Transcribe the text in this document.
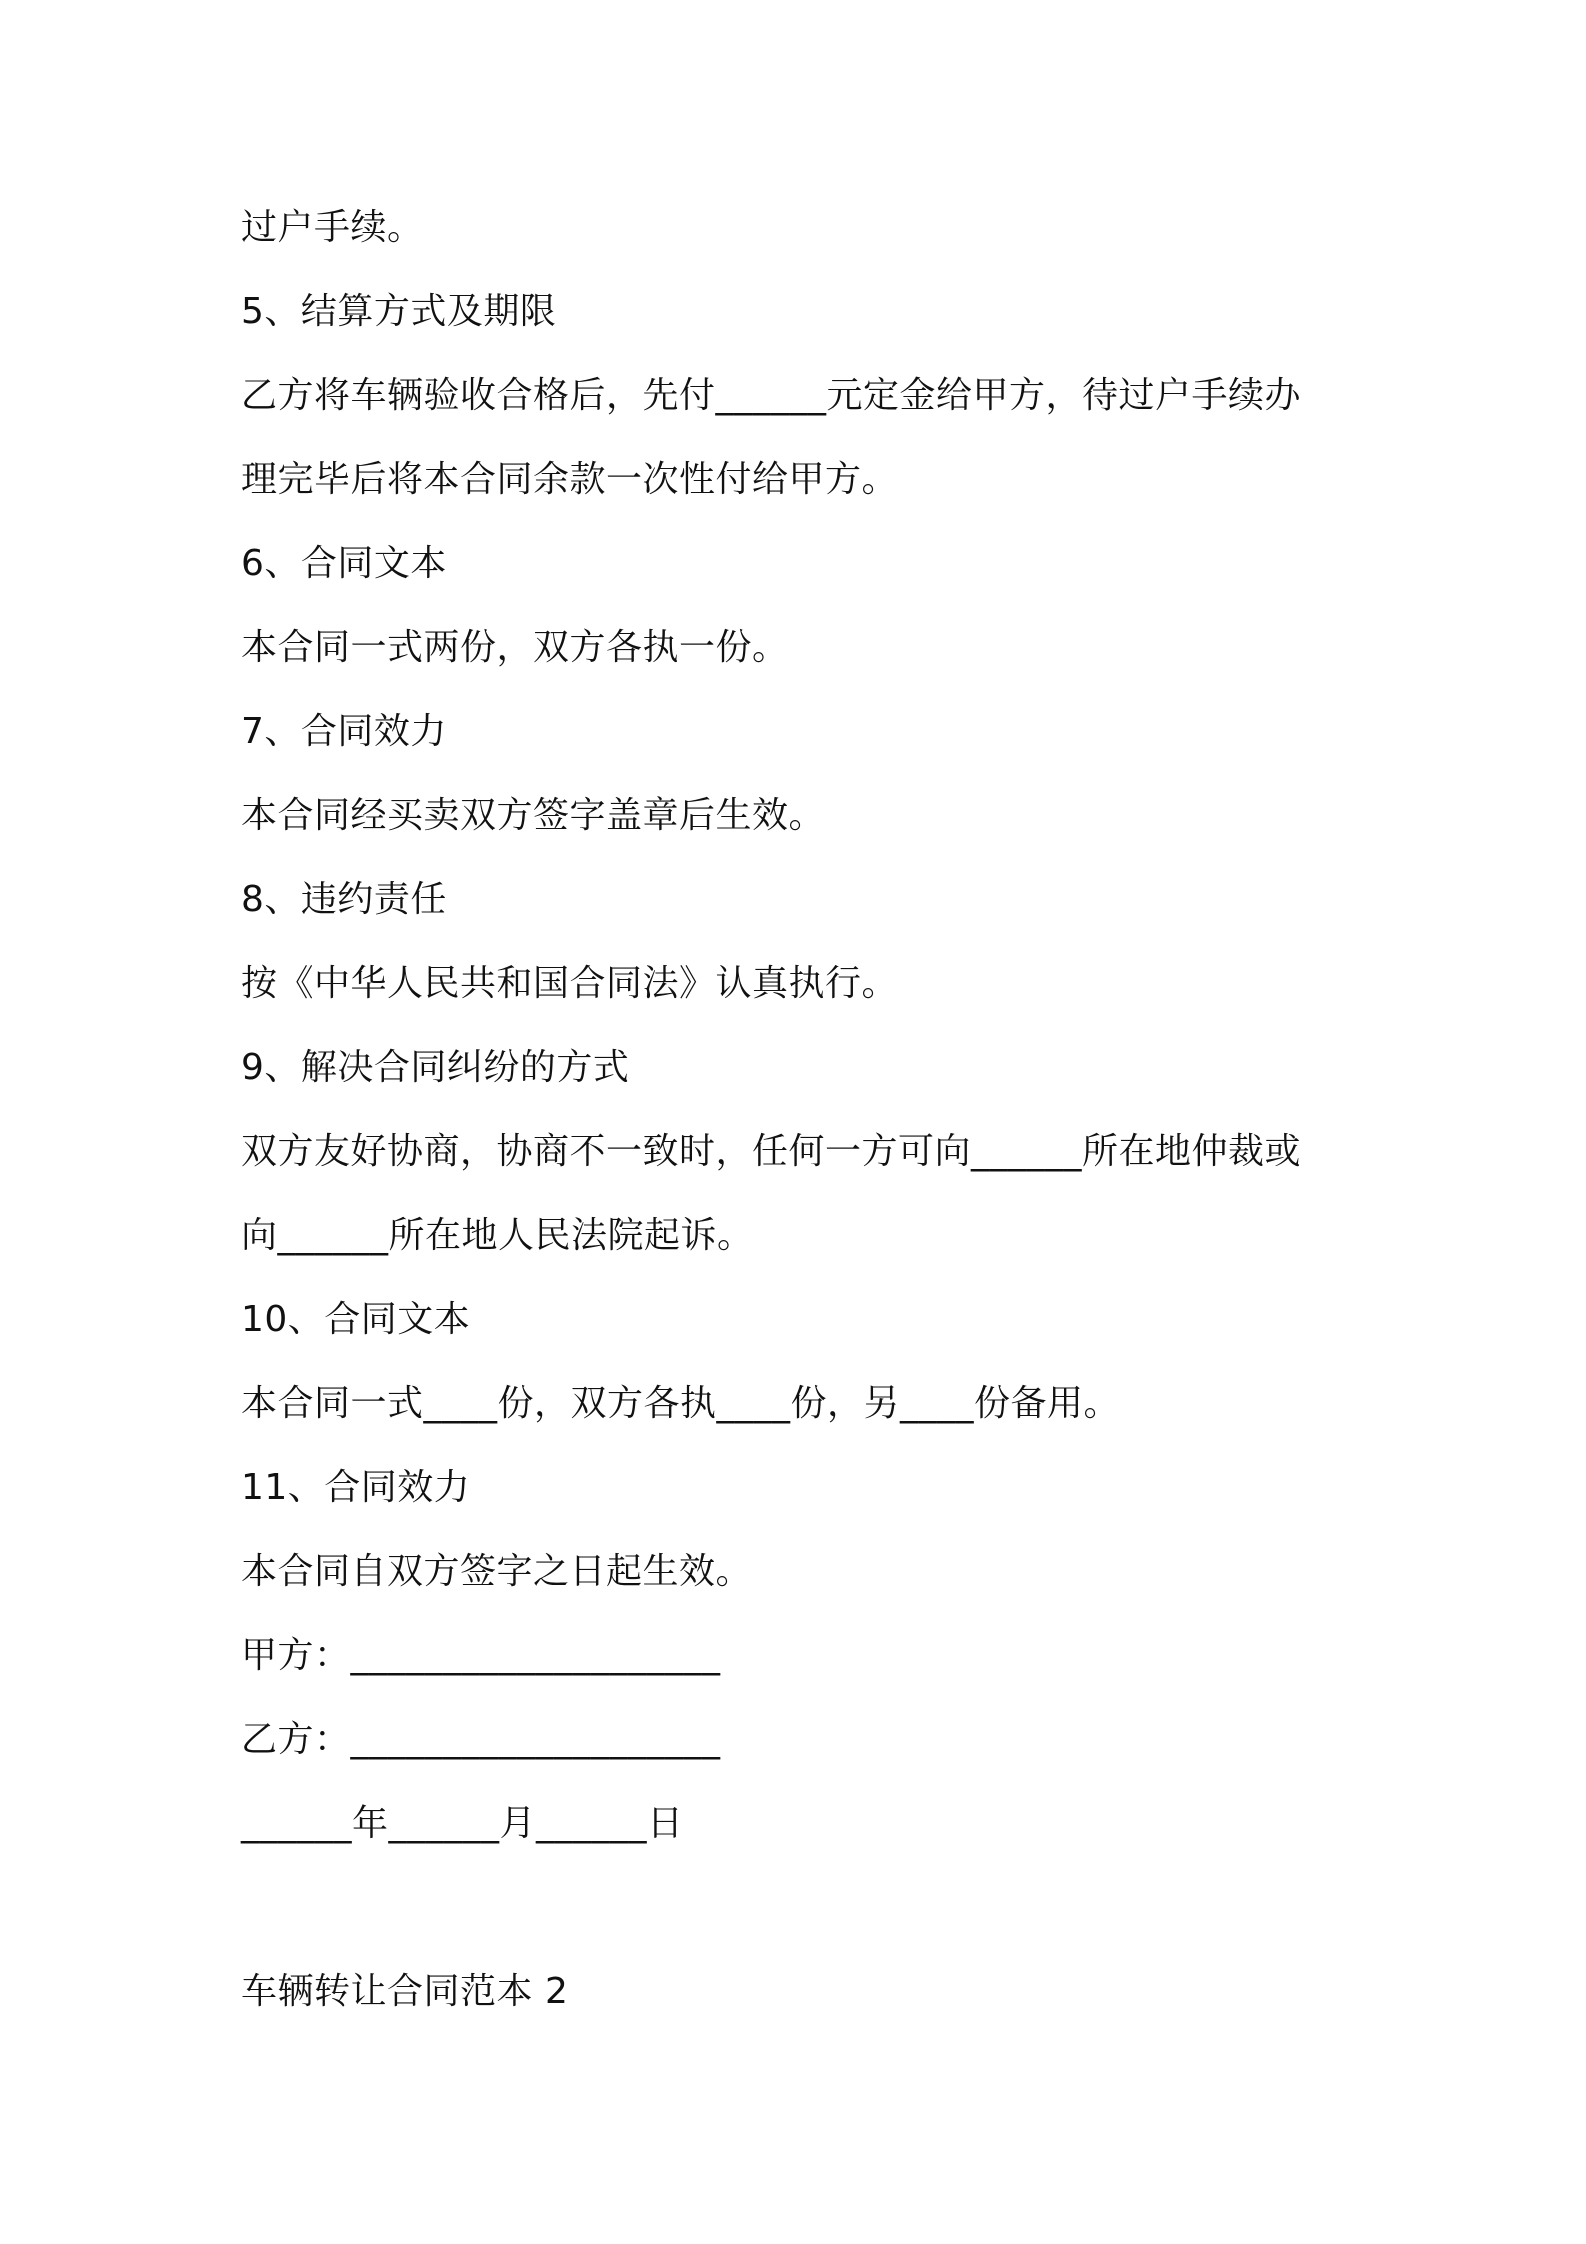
过户手续。

5、结算方式及期限

乙方将车辆验收合格后，先付______元定金给甲方，待过户手续办

理完毕后将本合同余款一次性付给甲方。

6、合同文本

本合同一式两份，双方各执一份。

7、合同效力

本合同经买卖双方签字盖章后生效。

8、违约责任

按《中华人民共和国合同法》认真执行。

9、解决合同纠纷的方式

双方友好协商，协商不一致时，任何一方可向______所在地仲裁或

向______所在地人民法院起诉。

10、合同文本

本合同一式____份，双方各执____份，另____份备用。

11、合同效力

本合同自双方签字之日起生效。

甲方：____________________

乙方：____________________

______年______月______日

车辆转让合同范本 2
